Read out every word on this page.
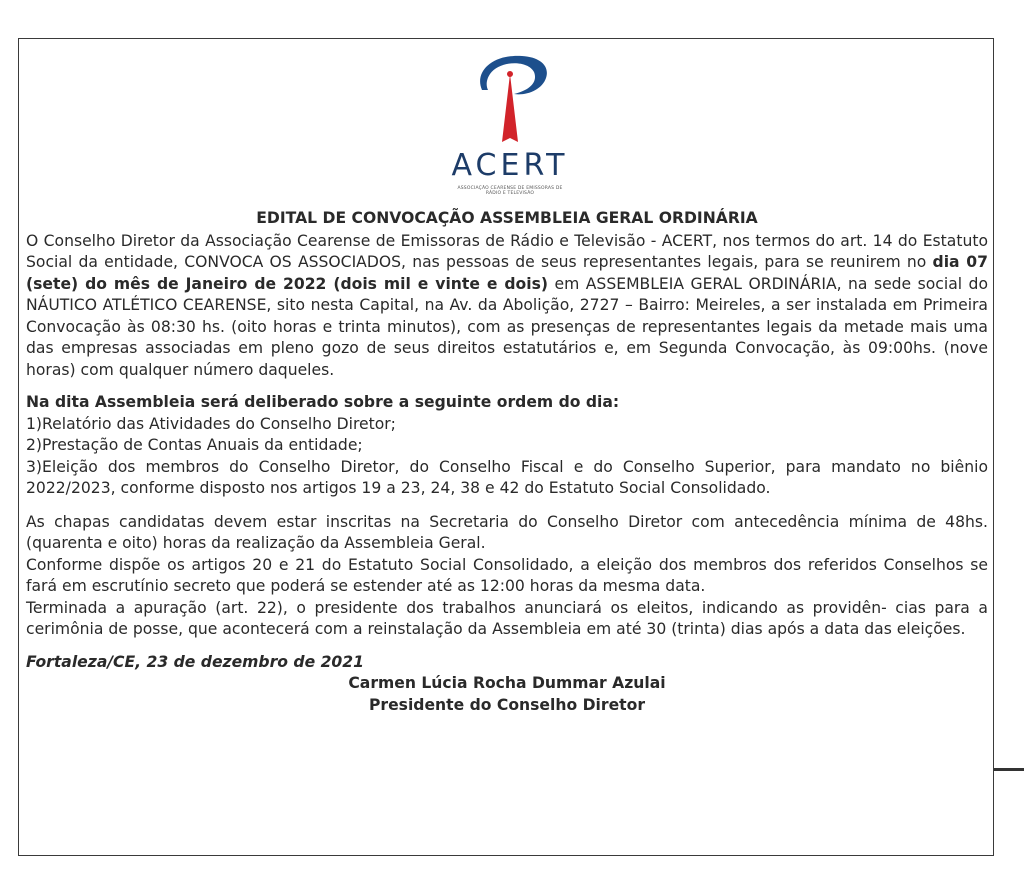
ACERT
ASSOCIAÇÃO CEARENSE DE EMISSORAS DE RÁDIO E TELEVISÃO
EDITAL DE CONVOCAÇÃO ASSEMBLEIA GERAL ORDINÁRIA

O Conselho Diretor da Associação Cearense de Emissoras de Rádio e Televisão - ACERT, nos termos do art. 14 do Estatuto Social da entidade, CONVOCA OS ASSOCIADOS, nas pessoas de seus representantes legais, para se reunirem no dia 07 (sete) do mês de Janeiro de 2022 (dois mil e vinte e dois) em ASSEMBLEIA GERAL ORDINÁRIA, na sede social do NÁUTICO ATLÉTICO CEARENSE, sito nesta Capital, na Av. da Abolição, 2727 – Bairro: Meireles, a ser instalada em Primeira Convocação às 08:30 hs. (oito horas e trinta minutos), com as presenças de representantes legais da metade mais uma das empresas associadas em pleno gozo de seus direitos estatutários e, em Segunda Convocação, às 09:00hs. (nove horas) com qualquer número daqueles.

Na dita Assembleia será deliberado sobre a seguinte ordem do dia:

1)Relatório das Atividades do Conselho Diretor;

2)Prestação de Contas Anuais da entidade;

3)Eleição dos membros do Conselho Diretor, do Conselho Fiscal e do Conselho Superior, para mandato no biênio 2022/2023, conforme disposto nos artigos 19 a 23, 24, 38 e 42 do Estatuto Social Consolidado.

As chapas candidatas devem estar inscritas na Secretaria do Conselho Diretor com antecedência mínima de 48hs. (quarenta e oito) horas da realização da Assembleia Geral.

Conforme dispõe os artigos 20 e 21 do Estatuto Social Consolidado, a eleição dos membros dos referidos Conselhos se fará em escrutínio secreto que poderá se estender até as 12:00 horas da mesma data.

Terminada a apuração (art. 22), o presidente dos trabalhos anunciará os eleitos, indicando as providên- cias para a cerimônia de posse, que acontecerá com a reinstalação da Assembleia em até 30 (trinta) dias após a data das eleições.

Fortaleza/CE, 23 de dezembro de 2021

Carmen Lúcia Rocha Dummar Azulai

Presidente do Conselho Diretor
